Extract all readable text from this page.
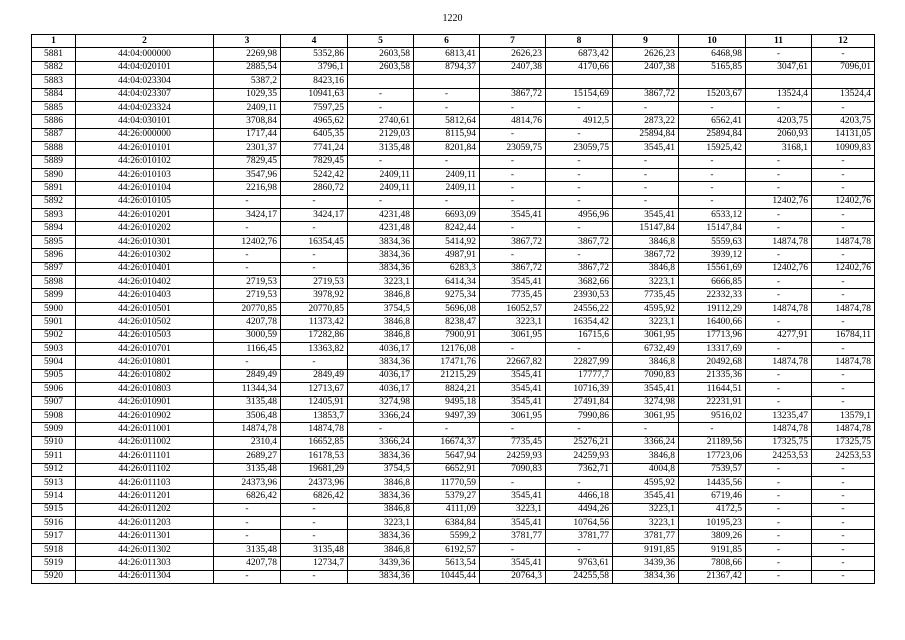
1220
1	2	3	4	5	6	7	8	9	10	11	12
5881	44:04:000000	2269,98	5352,86	2603,58	6813,41	2626,23	6873,42	2626,23	6468,98	-	-
5882	44:04:020101	2885,54	3796,1	2603,58	8794,37	2407,38	4170,66	2407,38	5165,85	3047,61	7096,01
5883	44:04:023304	5387,2	8423,16								
5884	44:04:023307	1029,35	10941,63	-	-	3867,72	15154,69	3867,72	15203,67	13524,4	13524,4
5885	44:04:023324	2409,11	7597,25	-	-	-	-	-	-	-	-
5886	44:04:030101	3708,84	4965,62	2740,61	5812,64	4814,76	4912,5	2873,22	6562,41	4203,75	4203,75
5887	44:26:000000	1717,44	6405,35	2129,03	8115,94	-	-	25894,84	25894,84	2060,93	14131,05
5888	44:26:010101	2301,37	7741,24	3135,48	8201,84	23059,75	23059,75	3545,41	15925,42	3168,1	10909,83
5889	44:26:010102	7829,45	7829,45	-	-	-	-	-	-	-	-
5890	44:26:010103	3547,96	5242,42	2409,11	2409,11	-	-	-	-	-	-
5891	44:26:010104	2216,98	2860,72	2409,11	2409,11	-	-	-	-	-	-
5892	44:26:010105	-	-	-	-	-	-	-	-	12402,76	12402,76
5893	44:26:010201	3424,17	3424,17	4231,48	6693,09	3545,41	4956,96	3545,41	6533,12	-	-
5894	44:26:010202	-	-	4231,48	8242,44	-	-	15147,84	15147,84	-	-
5895	44:26:010301	12402,76	16354,45	3834,36	5414,92	3867,72	3867,72	3846,8	5559,63	14874,78	14874,78
5896	44:26:010302	-	-	3834,36	4987,91	-	-	3867,72	3939,12	-	-
5897	44:26:010401	-	-	3834,36	6283,3	3867,72	3867,72	3846,8	15561,69	12402,76	12402,76
5898	44:26:010402	2719,53	2719,53	3223,1	6414,34	3545,41	3682,66	3223,1	6666,85	-	-
5899	44:26:010403	2719,53	3978,92	3846,8	9275,34	7735,45	23930,53	7735,45	22332,33	-	-
5900	44:26:010501	20770,85	20770,85	3754,5	5696,08	16052,57	24556,22	4595,92	19112,29	14874,78	14874,78
5901	44:26:010502	4207,78	11373,42	3846,8	8238,47	3223,1	16354,42	3223,1	16400,66	-	-
5902	44:26:010503	3000,59	17282,86	3846,8	7900,91	3061,95	16715,6	3061,95	17713,96	4277,91	16784,11
5903	44:26:010701	1166,45	13363,82	4036,17	12176,08	-	-	6732,49	13317,69	-	-
5904	44:26:010801	-	-	3834,36	17471,76	22667,82	22827,99	3846,8	20492,68	14874,78	14874,78
5905	44:26:010802	2849,49	2849,49	4036,17	21215,29	3545,41	17777,7	7090,83	21335,36	-	-
5906	44:26:010803	11344,34	12713,67	4036,17	8824,21	3545,41	10716,39	3545,41	11644,51	-	-
5907	44:26:010901	3135,48	12405,91	3274,98	9495,18	3545,41	27491,84	3274,98	22231,91	-	-
5908	44:26:010902	3506,48	13853,7	3366,24	9497,39	3061,95	7990,86	3061,95	9516,02	13235,47	13579,1
5909	44:26:011001	14874,78	14874,78	-	-	-	-	-	-	14874,78	14874,78
5910	44:26:011002	2310,4	16652,85	3366,24	16674,37	7735,45	25276,21	3366,24	21189,56	17325,75	17325,75
5911	44:26:011101	2689,27	16178,53	3834,36	5647,94	24259,93	24259,93	3846,8	17723,06	24253,53	24253,53
5912	44:26:011102	3135,48	19681,29	3754,5	6652,91	7090,83	7362,71	4004,8	7539,57	-	-
5913	44:26:011103	24373,96	24373,96	3846,8	11770,59	-	-	4595,92	14435,56	-	-
5914	44:26:011201	6826,42	6826,42	3834,36	5379,27	3545,41	4466,18	3545,41	6719,46	-	-
5915	44:26:011202	-	-	3846,8	4111,09	3223,1	4494,26	3223,1	4172,5	-	-
5916	44:26:011203	-	-	3223,1	6384,84	3545,41	10764,56	3223,1	10195,23	-	-
5917	44:26:011301	-	-	3834,36	5599,2	3781,77	3781,77	3781,77	3809,26	-	-
5918	44:26:011302	3135,48	3135,48	3846,8	6192,57	-	-	9191,85	9191,85	-	-
5919	44:26:011303	4207,78	12734,7	3439,36	5613,54	3545,41	9763,61	3439,36	7808,66	-	-
5920	44:26:011304	-	-	3834,36	10445,44	20764,3	24255,58	3834,36	21367,42	-	-
